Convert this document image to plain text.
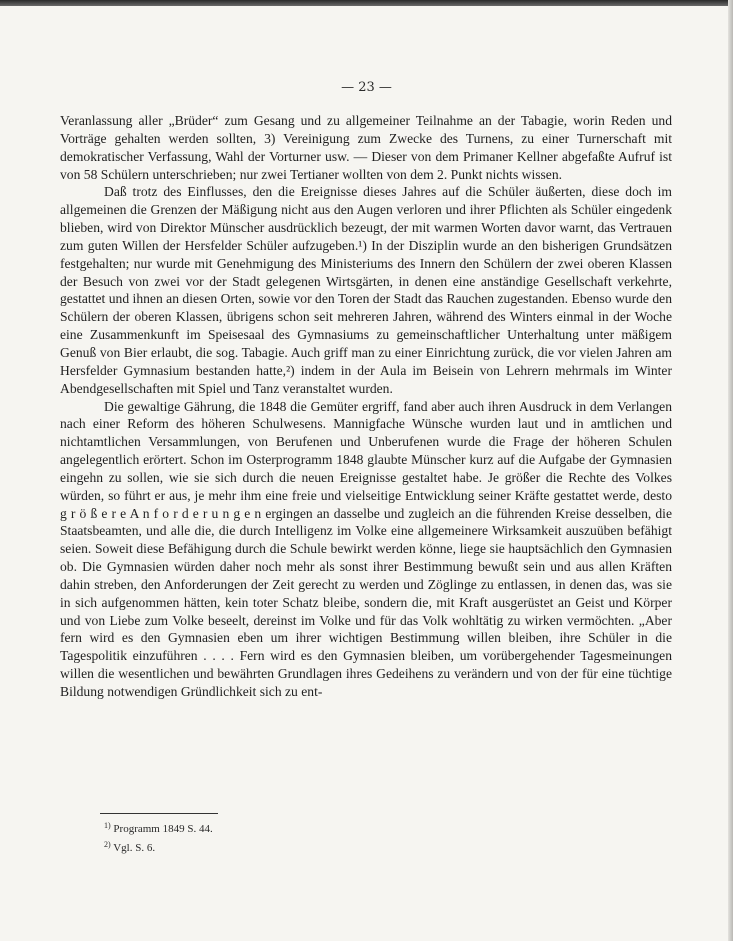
— 23 —

Veranlassung aller „Brüder“ zum Gesang und zu allgemeiner Teilnahme an der Tabagie, worin Reden und Vorträge gehalten werden sollten, 3) Vereinigung zum Zwecke des Turnens, zu einer Turnerschaft mit demokratischer Verfassung, Wahl der Vorturner usw. — Dieser von dem Primaner Kellner abgefaßte Aufruf ist von 58 Schülern unterschrieben; nur zwei Tertianer wollten von dem 2. Punkt nichts wissen.

Daß trotz des Einflusses, den die Ereignisse dieses Jahres auf die Schüler äußerten, diese doch im allgemeinen die Grenzen der Mäßigung nicht aus den Augen verloren und ihrer Pflichten als Schüler eingedenk blieben, wird von Direktor Münscher ausdrücklich bezeugt, der mit warmen Worten davor warnt, das Vertrauen zum guten Willen der Hersfelder Schüler aufzugeben.¹) In der Disziplin wurde an den bisherigen Grundsätzen festgehalten; nur wurde mit Genehmigung des Ministeriums des Innern den Schülern der zwei oberen Klassen der Besuch von zwei vor der Stadt gelegenen Wirtsgärten, in denen eine anständige Gesellschaft verkehrte, gestattet und ihnen an diesen Orten, sowie vor den Toren der Stadt das Rauchen zugestanden. Ebenso wurde den Schülern der oberen Klassen, übrigens schon seit mehreren Jahren, während des Winters einmal in der Woche eine Zusammenkunft im Speisesaal des Gymnasiums zu gemeinschaftlicher Unterhaltung unter mäßigem Genuß von Bier erlaubt, die sog. Tabagie. Auch griff man zu einer Einrichtung zurück, die vor vielen Jahren am Hersfelder Gymnasium bestanden hatte,²) indem in der Aula im Beisein von Lehrern mehrmals im Winter Abendgesellschaften mit Spiel und Tanz veranstaltet wurden.

Die gewaltige Gährung, die 1848 die Gemüter ergriff, fand aber auch ihren Ausdruck in dem Verlangen nach einer Reform des höheren Schulwesens. Mannigfache Wünsche wurden laut und in amtlichen und nichtamtlichen Versammlungen, von Berufenen und Unberufenen wurde die Frage der höheren Schulen angelegentlich erörtert. Schon im Osterprogramm 1848 glaubte Münscher kurz auf die Aufgabe der Gymnasien eingehn zu sollen, wie sie sich durch die neuen Ereignisse gestaltet habe. Je größer die Rechte des Volkes würden, so führt er aus, je mehr ihm eine freie und vielseitige Entwicklung seiner Kräfte gestattet werde, desto g r ö ß e r e A n f o r d e r u n g e n ergingen an dasselbe und zugleich an die führenden Kreise desselben, die Staatsbeamten, und alle die, die durch Intelligenz im Volke eine allgemeinere Wirksamkeit auszuüben befähigt seien. Soweit diese Befähigung durch die Schule bewirkt werden könne, liege sie hauptsächlich den Gymnasien ob. Die Gymnasien würden daher noch mehr als sonst ihrer Bestimmung bewußt sein und aus allen Kräften dahin streben, den Anforderungen der Zeit gerecht zu werden und Zöglinge zu entlassen, in denen das, was sie in sich aufgenommen hätten, kein toter Schatz bleibe, sondern die, mit Kraft ausgerüstet an Geist und Körper und von Liebe zum Volke beseelt, dereinst im Volke und für das Volk wohltätig zu wirken vermöchten. „Aber fern wird es den Gymnasien eben um ihrer wichtigen Bestimmung willen bleiben, ihre Schüler in die Tagespolitik einzuführen . . . . Fern wird es den Gymnasien bleiben, um vorübergehender Tagesmeinungen willen die wesentlichen und bewährten Grundlagen ihres Gedeihens zu verändern und von der für eine tüchtige Bildung notwendigen Gründlichkeit sich zu ent-

$^{1)}$ Programm 1849 S. 44.
$^{2)}$ Vgl. S. 6.
